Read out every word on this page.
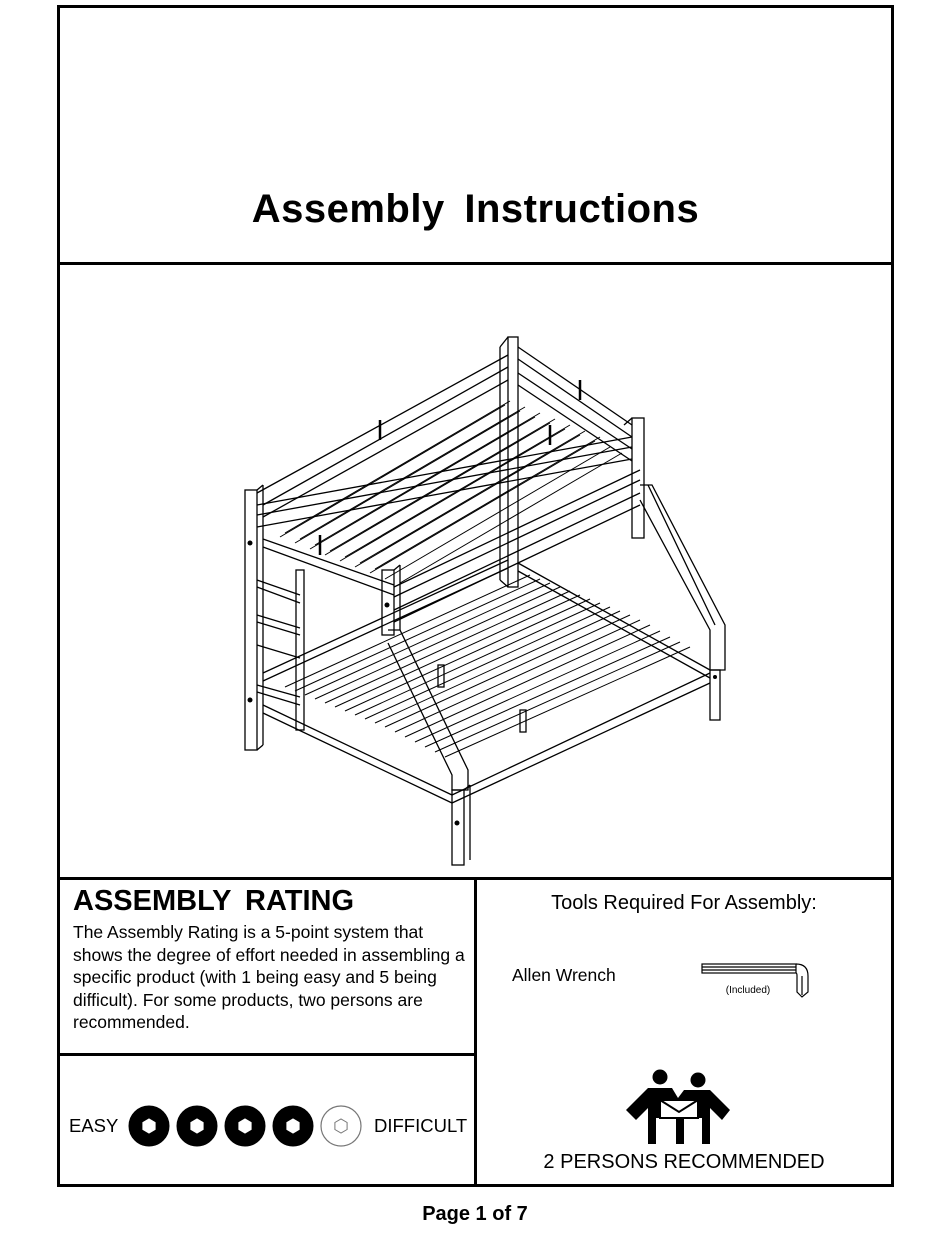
Assembly Instructions
ASSEMBLY RATING
The Assembly Rating is a 5-point system that shows the degree of effort needed in assembling a specific product (with 1 being easy and 5 being difficult). For some products, two persons are recommended.
Tools Required For Assembly:
Allen Wrench
(Included)
EASY	DIFFICULT
2 PERSONS RECOMMENDED
Page 1 of 7
